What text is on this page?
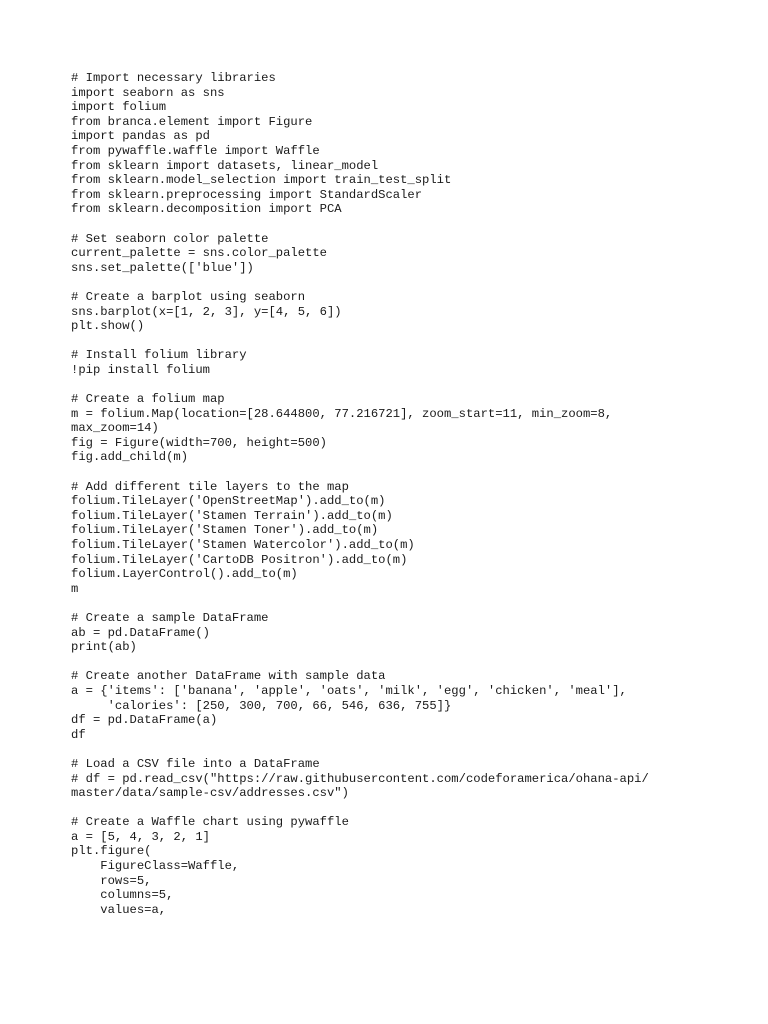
# Import necessary libraries
import seaborn as sns
import folium
from branca.element import Figure
import pandas as pd
from pywaffle.waffle import Waffle
from sklearn import datasets, linear_model
from sklearn.model_selection import train_test_split
from sklearn.preprocessing import StandardScaler
from sklearn.decomposition import PCA
# Set seaborn color palette
current_palette = sns.color_palette
sns.set_palette(['blue'])
# Create a barplot using seaborn
sns.barplot(x=[1, 2, 3], y=[4, 5, 6])
plt.show()
# Install folium library
!pip install folium
# Create a folium map
m = folium.Map(location=[28.644800, 77.216721], zoom_start=11, min_zoom=8,
max_zoom=14)
fig = Figure(width=700, height=500)
fig.add_child(m)
# Add different tile layers to the map
folium.TileLayer('OpenStreetMap').add_to(m)
folium.TileLayer('Stamen Terrain').add_to(m)
folium.TileLayer('Stamen Toner').add_to(m)
folium.TileLayer('Stamen Watercolor').add_to(m)
folium.TileLayer('CartoDB Positron').add_to(m)
folium.LayerControl().add_to(m)
m
# Create a sample DataFrame
ab = pd.DataFrame()
print(ab)
# Create another DataFrame with sample data
a = {'items': ['banana', 'apple', 'oats', 'milk', 'egg', 'chicken', 'meal'],
'calories': [250, 300, 700, 66, 546, 636, 755]}
df = pd.DataFrame(a)
df
# Load a CSV file into a DataFrame
# df = pd.read_csv("https://raw.githubusercontent.com/codeforamerica/ohana-api/
master/data/sample-csv/addresses.csv")
# Create a Waffle chart using pywaffle
a = [5, 4, 3, 2, 1]
plt.figure(
FigureClass=Waffle,
rows=5,
columns=5,
values=a,
